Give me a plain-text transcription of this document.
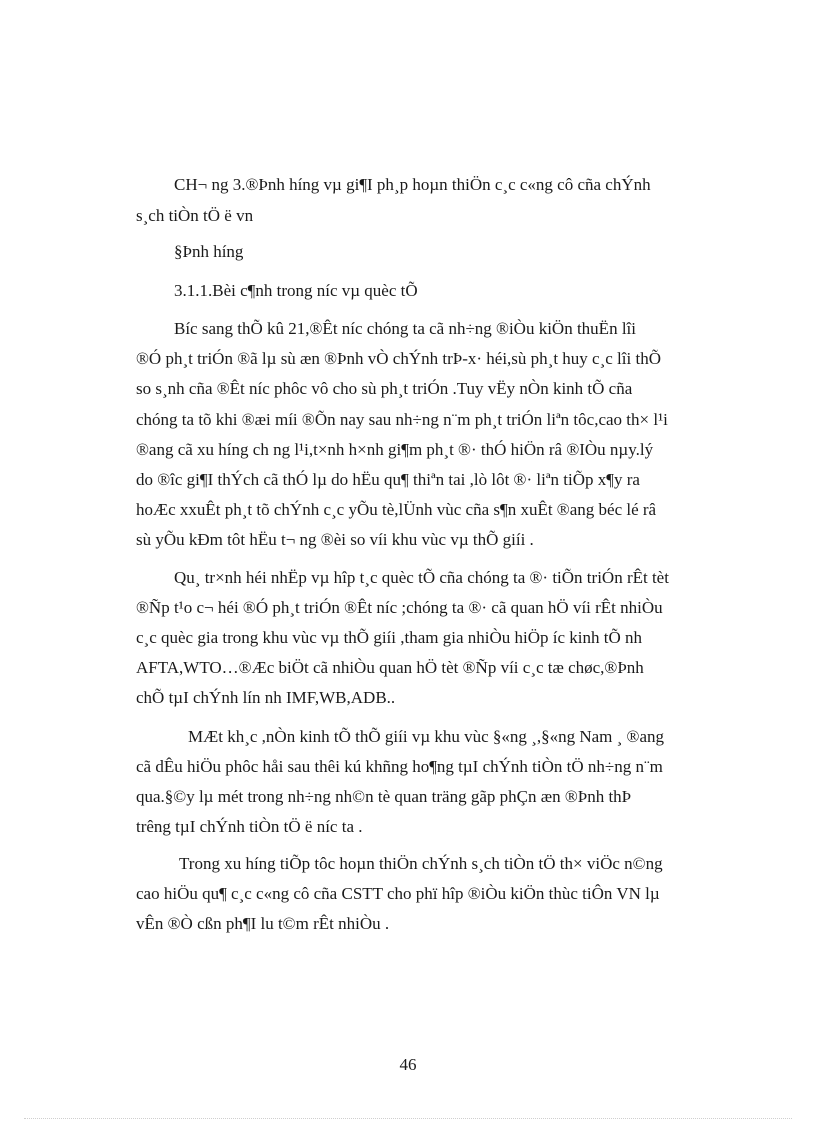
CH¬ ng 3.®Þnh híng vµ gi¶I ph¸p hoµn thiÖn c¸c c«ng cô cña chÝnh
s¸ch tiÒn tÖ ë vn
§Þnh híng
3.1.1.Bèi c¶nh trong níc vµ quèc tÕ
Bíc sang thÕ kû 21,®Êt níc chóng ta cã nh÷ng ®iÒu kiÖn thuËn lîi
®Ó ph¸t triÓn ®ã lµ sù æn ®Þnh vÒ chÝnh trÞ-x· héi,sù ph¸t huy c¸c lîi thÕ
so s¸nh cña ®Êt níc phôc vô cho sù ph¸t triÓn .Tuy vËy nÒn kinh tÕ cña
chóng ta tõ khi ®æi míi ®Õn nay sau nh÷ng n¨m ph¸t triÓn liªn tôc,cao th× l¹i
®ang cã xu híng ch ng l¹i,t×nh h×nh gi¶m ph¸t ®· thÓ hiÖn râ ®IÒu nµy.lý
do ®îc gi¶I thÝch cã thÓ lµ do hËu qu¶ thiªn tai ,lò lôt ®· liªn tiÕp x¶y ra
hoÆc xxuÊt ph¸t tõ chÝnh c¸c yÕu tè,lÜnh vùc cña s¶n xuÊt ®ang béc lé râ
sù yÕu kÐm tôt hËu t¬ ng ®èi so víi khu vùc vµ thÕ giíi .
Qu¸ tr×nh héi nhËp vµ hîp t¸c quèc tÕ cña chóng ta ®· tiÕn triÓn rÊt tèt
®Ñp t¹o c¬ héi ®Ó ph¸t triÓn ®Êt níc ;chóng ta ®· cã quan hÖ víi rÊt nhiÒu
c¸c quèc gia trong khu vùc vµ thÕ giíi ,tham gia nhiÒu hiÖp íc kinh tÕ nh
AFTA,WTO…®Æc biÖt cã nhiÒu quan hÖ tèt ®Ñp víi c¸c tæ chøc,®Þnh
chÕ tµI chÝnh lín nh IMF,WB,ADB..
MÆt kh¸c ,nÒn kinh tÕ thÕ giíi vµ khu vùc §«ng ¸,§«ng Nam ¸ ®ang
cã dÊu hiÖu phôc håi sau thêi kú khñng ho¶ng tµI chÝnh tiÒn tÖ nh÷ng n¨m
qua.§©y lµ mét trong nh÷ng nh©n tè quan träng gãp phÇn æn ®Þnh thÞ
trêng tµI chÝnh tiÒn tÖ ë níc ta .
Trong xu híng tiÕp tôc hoµn thiÖn chÝnh s¸ch tiÒn tÖ th× viÖc n©ng
cao hiÖu qu¶ c¸c c«ng cô cña CSTT cho phï hîp ®iÒu kiÖn thùc tiÔn VN lµ
vÊn ®Ò cßn ph¶I lu t©m rÊt nhiÒu .
46
